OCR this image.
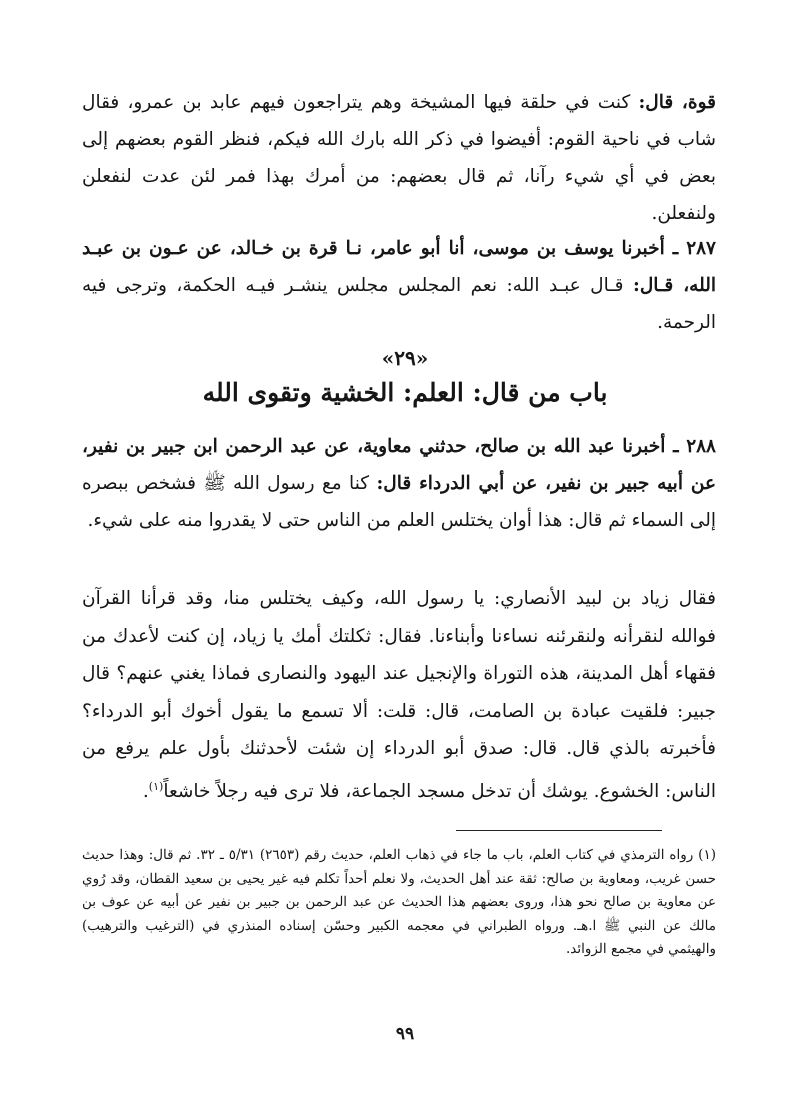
قوة، قال: كنت في حلقة فيها المشيخة وهم يتراجعون فيهم عابد بن عمرو، فقال شاب في ناحية القوم: أفيضوا في ذكر الله بارك الله فيكم، فنظر القوم بعضهم إلى بعض في أي شيء رآنا، ثم قال بعضهم: من أمرك بهذا فمر لئن عدت لنفعلن ولنفعلن.

٢٨٧ ـ أخبرنا يوسف بن موسى، أنا أبو عامر، نـا قرة بن خـالد، عن عـون بن عبـد الله، قـال: قـال عبـد الله: نعم المجلس مجلس ينشـر فيـه الحكمة، وترجى فيه الرحمة.

«٢٩»
باب من قال: العلم: الخشية وتقوى الله

٢٨٨ ـ أخبرنا عبد الله بن صالح، حدثني معاوية، عن عبد الرحمن ابن جبير بن نفير، عن أبيه جبير بن نفير، عن أبي الدرداء قال: كنا مع رسول الله ﷺ فشخص ببصره إلى السماء ثم قال: هذا أوان يختلس العلم من الناس حتى لا يقدروا منه على شيء.

فقال زياد بن لبيد الأنصاري: يا رسول الله، وكيف يختلس منا، وقد قرأنا القرآن فوالله لنقرأنه ولنقرئنه نساءنا وأبناءنا. فقال: ثكلتك أمك يا زياد، إن كنت لأعدك من فقهاء أهل المدينة، هذه التوراة والإنجيل عند اليهود والنصارى فماذا يغني عنهم؟ قال جبير: فلقيت عبادة بن الصامت، قال: قلت: ألا تسمع ما يقول أخوك أبو الدرداء؟ فأخبرته بالذي قال. قال: صدق أبو الدرداء إن شئت لأحدثنك بأول علم يرفع من الناس: الخشوع. يوشك أن تدخل مسجد الجماعة، فلا ترى فيه رجلاً خاشعاً$^{(١)}$.

(١) رواه الترمذي في كتاب العلم، باب ما جاء في ذهاب العلم، حديث رقم (٢٦٥٣) ٥/٣١ ـ ٣٢. ثم قال: وهذا حديث حسن غريب، ومعاوية بن صالح: ثقة عند أهل الحديث، ولا نعلم أحداً تكلم فيه غير يحيى بن سعيد القطان، وقد رُوي عن معاوية بن صالح نحو هذا، وروى بعضهم هذا الحديث عن عبد الرحمن بن جبير بن نفير عن أبيه عن عوف بن مالك عن النبي ﷺ ا.هـ. ورواه الطبراني في معجمه الكبير وحسّن إسناده المنذري في (الترغيب والترهيب) والهيثمي في مجمع الزوائد.

٩٩
